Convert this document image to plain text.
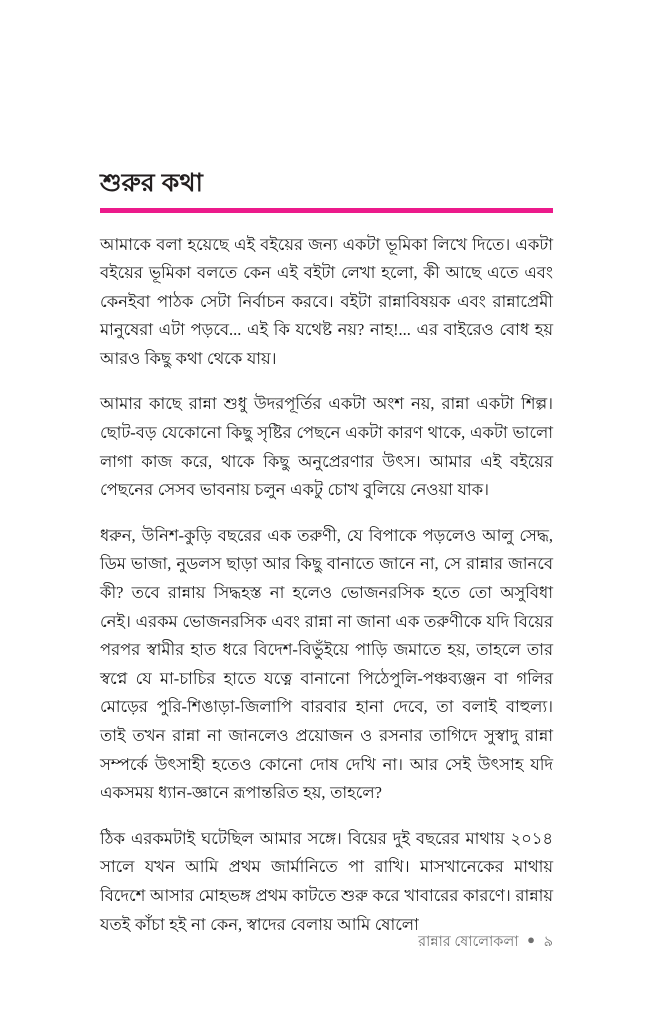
শুরুর কথা

আমাকে বলা হয়েছে এই বইয়ের জন্য একটা ভূমিকা লিখে দিতে। একটা বইয়ের ভূমিকা বলতে কেন এই বইটা লেখা হলো, কী আছে এতে এবং কেনইবা পাঠক সেটা নির্বাচন করবে। বইটা রান্নাবিষয়ক এবং রান্নাপ্রেমী মানুষেরা এটা পড়বে... এই কি যথেষ্ট নয়? নাহ!... এর বাইরেও বোধ হয় আরও কিছু কথা থেকে যায়।

আমার কাছে রান্না শুধু উদরপূর্তির একটা অংশ নয়, রান্না একটা শিল্প। ছোট-বড় যেকোনো কিছু সৃষ্টির পেছনে একটা কারণ থাকে, একটা ভালো লাগা কাজ করে, থাকে কিছু অনুপ্রেরণার উৎস। আমার এই বইয়ের পেছনের সেসব ভাবনায় চলুন একটু চোখ বুলিয়ে নেওয়া যাক।

ধরুন, উনিশ-কুড়ি বছরের এক তরুণী, যে বিপাকে পড়লেও আলু সেদ্ধ, ডিম ভাজা, নুডলস ছাড়া আর কিছু বানাতে জানে না, সে রান্নার জানবে কী? তবে রান্নায় সিদ্ধহস্ত না হলেও ভোজনরসিক হতে তো অসুবিধা নেই। এরকম ভোজনরসিক এবং রান্না না জানা এক তরুণীকে যদি বিয়ের পরপর স্বামীর হাত ধরে বিদেশ-বিভুঁইয়ে পাড়ি জমাতে হয়, তাহলে তার স্বপ্নে যে মা-চাচির হাতে যত্নে বানানো পিঠেপুলি-পঞ্চব্যঞ্জন বা গলির মোড়ের পুরি-শিঙাড়া-জিলাপি বারবার হানা দেবে, তা বলাই বাহুল্য। তাই তখন রান্না না জানলেও প্রয়োজন ও রসনার তাগিদে সুস্বাদু রান্না সম্পর্কে উৎসাহী হতেও কোনো দোষ দেখি না। আর সেই উৎসাহ যদি একসময় ধ্যান-জ্ঞানে রূপান্তরিত হয়, তাহলে?

ঠিক এরকমটাই ঘটেছিল আমার সঙ্গে। বিয়ের দুই বছরের মাথায় ২০১৪ সালে যখন আমি প্রথম জার্মানিতে পা রাখি। মাসখানেকের মাথায় বিদেশে আসার মোহভঙ্গ প্রথম কাটতে শুরু করে খাবারের কারণে। রান্নায় যতই কাঁচা হই না কেন, স্বাদের বেলায় আমি ষোলো

রান্নার ষোলোকলা ● ৯
